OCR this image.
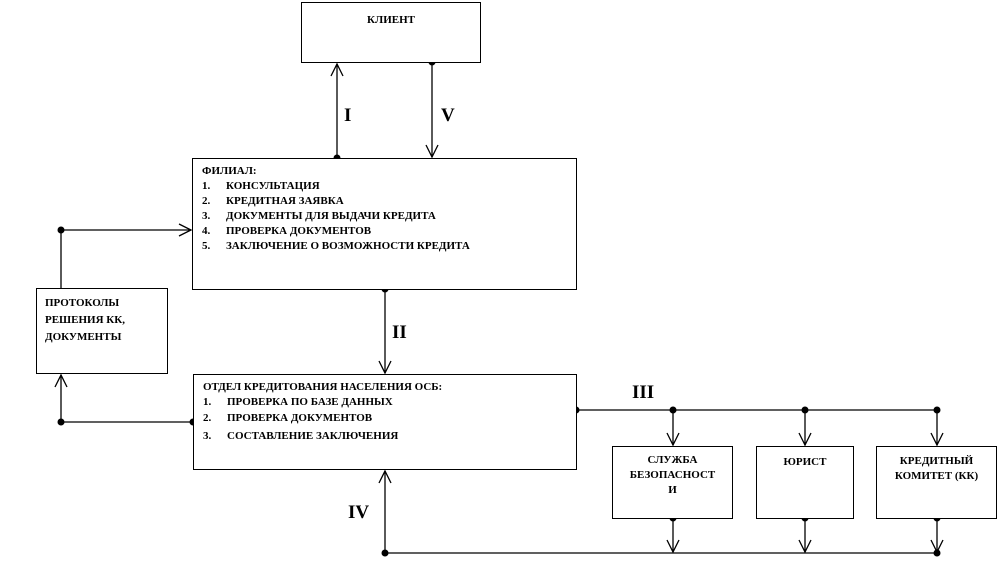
КЛИЕНТ
ФИЛИАЛ:
1. КОНСУЛЬТАЦИЯ
2. КРЕДИТНАЯ ЗАЯВКА
3. ДОКУМЕНТЫ ДЛЯ ВЫДАЧИ КРЕДИТА
4. ПРОВЕРКА ДОКУМЕНТОВ
5. ЗАКЛЮЧЕНИЕ О ВОЗМОЖНОСТИ КРЕДИТА
ПРОТОКОЛЫ
РЕШЕНИЯ КК,
ДОКУМЕНТЫ
ОТДЕЛ КРЕДИТОВАНИЯ НАСЕЛЕНИЯ ОСБ:
1. ПРОВЕРКА ПО БАЗЕ ДАННЫХ
2. ПРОВЕРКА ДОКУМЕНТОВ
3. СОСТАВЛЕНИЕ ЗАКЛЮЧЕНИЯ
СЛУЖБА
БЕЗОПАСНОСТ
И
ЮРИСТ	КРЕДИТНЫЙ
КОМИТЕТ (КК)
I	V
II
III
IV
